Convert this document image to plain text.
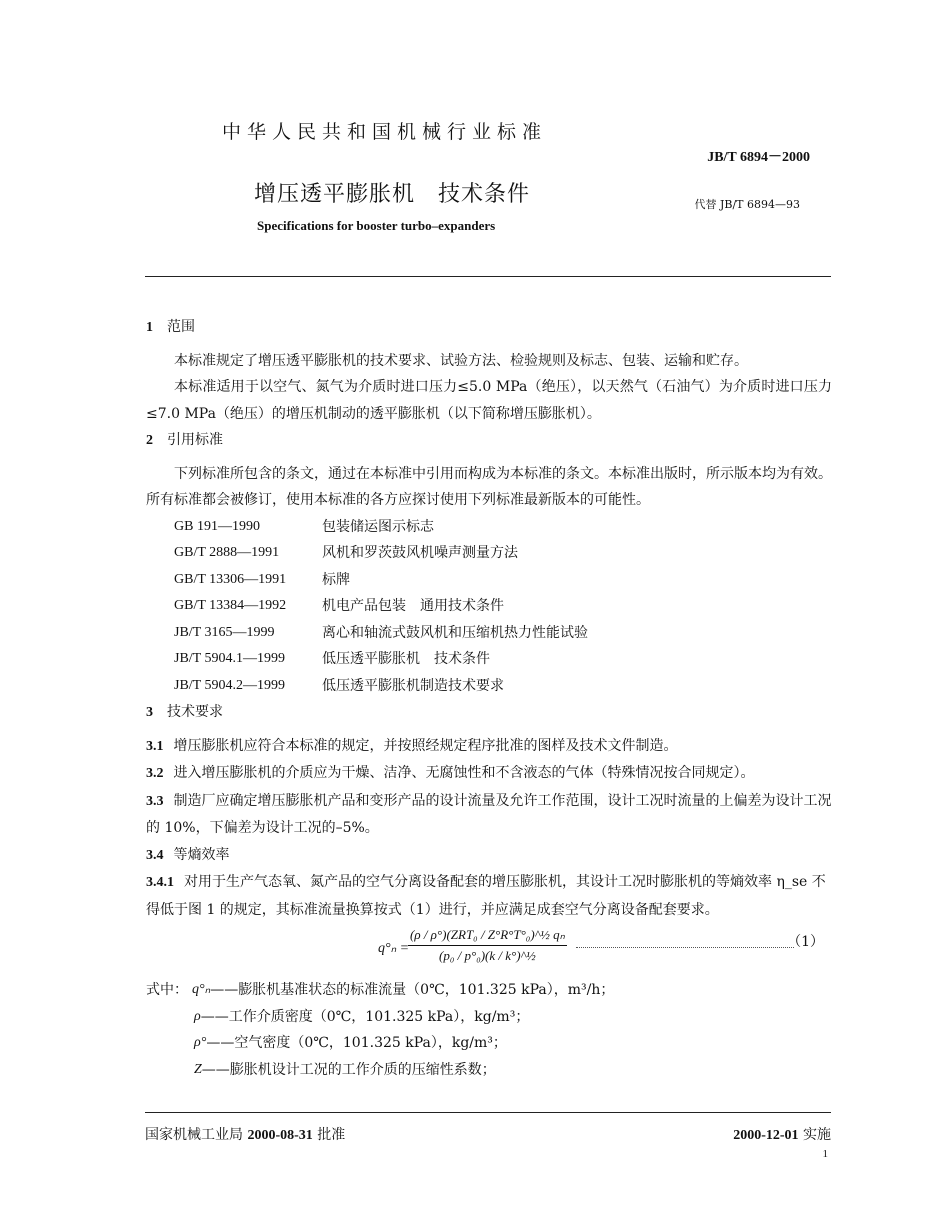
中华人民共和国机械行业标准
JB/T 6894－2000
增压透平膨胀机　技术条件	代替 JB/T 6894—93
Specifications for booster turbo–expanders

1 范围

本标准规定了增压透平膨胀机的技术要求、试验方法、检验规则及标志、包装、运输和贮存。

本标准适用于以空气、氮气为介质时进口压力≤5.0 MPa（绝压），以天然气（石油气）为介质时进口压力≤7.0 MPa（绝压）的增压机制动的透平膨胀机（以下简称增压膨胀机）。

2 引用标准

下列标准所包含的条文，通过在本标准中引用而构成为本标准的条文。本标准出版时，所示版本均为有效。所有标准都会被修订，使用本标准的各方应探讨使用下列标准最新版本的可能性。

GB 191—1990	包装储运图示标志
GB/T 2888—1991	风机和罗茨鼓风机噪声测量方法
GB/T 13306—1991	标牌
GB/T 13384—1992	机电产品包装　通用技术条件
JB/T 3165—1999	离心和轴流式鼓风机和压缩机热力性能试验
JB/T 5904.1—1999	低压透平膨胀机　技术条件
JB/T 5904.2—1999	低压透平膨胀机制造技术要求

3 技术要求

3.1 增压膨胀机应符合本标准的规定，并按照经规定程序批准的图样及技术文件制造。

3.2 进入增压膨胀机的介质应为干燥、洁净、无腐蚀性和不含液态的气体（特殊情况按合同规定）。

3.3 制造厂应确定增压膨胀机产品和变形产品的设计流量及允许工作范围，设计工况时流量的上偏差为设计工况的 10%，下偏差为设计工况的–5%。

3.4 等熵效率

3.4.1 对用于生产气态氧、氮产品的空气分离设备配套的增压膨胀机，其设计工况时膨胀机的等熵效率 η_se 不得低于图 1 的规定，其标准流量换算按式（1）进行，并应满足成套空气分离设备配套要求。

q°ₙ =
(ρ / ρ°)(ZRT₀ / Z°R°T°₀)^½ qₙ
(p₀ / p°₀)(k / k°)^½
（1）

式中： q°ₙ ——膨胀机基准状态的标准流量（0℃，101.325 kPa），m³/h；

ρ ——工作介质密度（0℃，101.325 kPa），kg/m³；

ρ° ——空气密度（0℃，101.325 kPa），kg/m³；

Z ——膨胀机设计工况的工作介质的压缩性系数；

国家机械工业局 2000-08-31 批准	2000-12-01 实施
1
